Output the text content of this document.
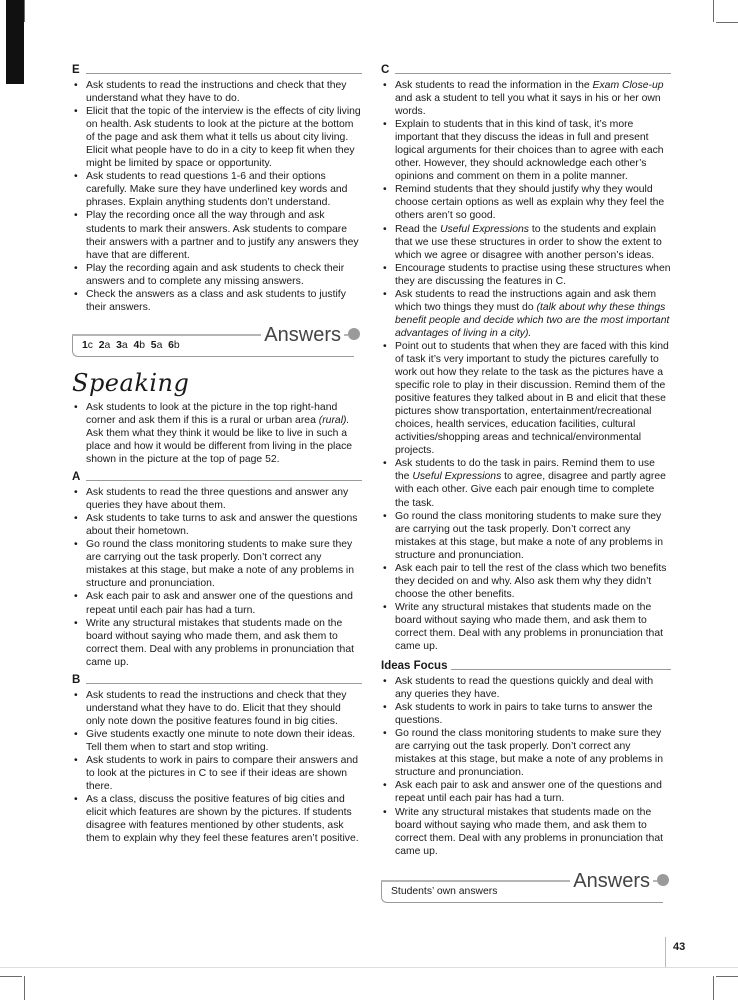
E
• Ask students to read the instructions and check that they understand what they have to do.
• Elicit that the topic of the interview is the effects of city living on health. Ask students to look at the picture at the bottom of the page and ask them what it tells us about city living. Elicit what people have to do in a city to keep fit when they might be limited by space or opportunity.
• Ask students to read questions 1-6 and their options carefully. Make sure they have underlined key words and phrases. Explain anything students don’t understand.
• Play the recording once all the way through and ask students to mark their answers. Ask students to compare their answers with a partner and to justify any answers they have that are different.
• Play the recording again and ask students to check their answers and to complete any missing answers.
• Check the answers as a class and ask students to justify their answers.
Answers
1c 2a 3a 4b 5a 6b
Speaking
• Ask students to look at the picture in the top right-hand corner and ask them if this is a rural or urban area (rural). Ask them what they think it would be like to live in such a place and how it would be different from living in the place shown in the picture at the top of page 52.
A
• Ask students to read the three questions and answer any queries they have about them.
• Ask students to take turns to ask and answer the questions about their hometown.
• Go round the class monitoring students to make sure they are carrying out the task properly. Don’t correct any mistakes at this stage, but make a note of any problems in structure and pronunciation.
• Ask each pair to ask and answer one of the questions and repeat until each pair has had a turn.
• Write any structural mistakes that students made on the board without saying who made them, and ask them to correct them. Deal with any problems in pronunciation that came up.
B
• Ask students to read the instructions and check that they understand what they have to do. Elicit that they should only note down the positive features found in big cities.
• Give students exactly one minute to note down their ideas. Tell them when to start and stop writing.
• Ask students to work in pairs to compare their answers and to look at the pictures in C to see if their ideas are shown there.
• As a class, discuss the positive features of big cities and elicit which features are shown by the pictures. If students disagree with features mentioned by other students, ask them to explain why they feel these features aren’t positive.
C
• Ask students to read the information in the Exam Close-up and ask a student to tell you what it says in his or her own words.
• Explain to students that in this kind of task, it’s more important that they discuss the ideas in full and present logical arguments for their choices than to agree with each other. However, they should acknowledge each other’s opinions and comment on them in a polite manner.
• Remind students that they should justify why they would choose certain options as well as explain why they feel the others aren’t so good.
• Read the Useful Expressions to the students and explain that we use these structures in order to show the extent to which we agree or disagree with another person’s ideas.
• Encourage students to practise using these structures when they are discussing the features in C.
• Ask students to read the instructions again and ask them which two things they must do (talk about why these things benefit people and decide which two are the most important advantages of living in a city).
• Point out to students that when they are faced with this kind of task it’s very important to study the pictures carefully to work out how they relate to the task as the pictures have a specific role to play in their discussion. Remind them of the positive features they talked about in B and elicit that these pictures show transportation, entertainment/recreational choices, health services, education facilities, cultural activities/shopping areas and technical/environmental projects.
• Ask students to do the task in pairs. Remind them to use the Useful Expressions to agree, disagree and partly agree with each other. Give each pair enough time to complete the task.
• Go round the class monitoring students to make sure they are carrying out the task properly. Don’t correct any mistakes at this stage, but make a note of any problems in structure and pronunciation.
• Ask each pair to tell the rest of the class which two benefits they decided on and why. Also ask them why they didn’t choose the other benefits.
• Write any structural mistakes that students made on the board without saying who made them, and ask them to correct them. Deal with any problems in pronunciation that came up.
Ideas Focus
• Ask students to read the questions quickly and deal with any queries they have.
• Ask students to work in pairs to take turns to answer the questions.
• Go round the class monitoring students to make sure they are carrying out the task properly. Don’t correct any mistakes at this stage, but make a note of any problems in structure and pronunciation.
• Ask each pair to ask and answer one of the questions and repeat until each pair has had a turn.
• Write any structural mistakes that students made on the board without saying who made them, and ask them to correct them. Deal with any problems in pronunciation that came up.
Answers
Students’ own answers
43
